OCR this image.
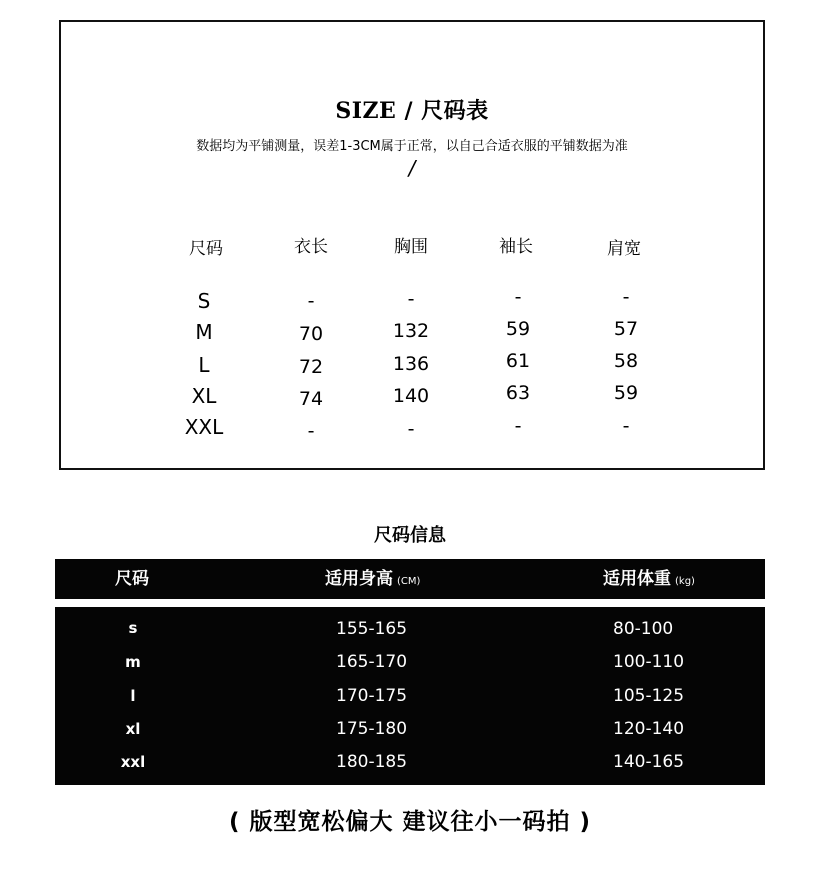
SIZE / 尺码表
数据均为平铺测量，误差1-3CM属于正常，以自己合适衣服的平铺数据为准
/
尺码	衣长	胸围	袖长	肩宽
S	-	-	-	-
M	70	132	59	57
L	72	136	61	58
XL	74	140	63	59
XXL	-	-	-	-
尺码信息
尺码	适用身高 (CM)	适用体重 (kg)
s	155-165	80-100
m	165-170	100-110
l	170-175	105-125
xl	175-180	120-140
xxl	180-185	140-165
( 版型宽松偏大 建议往小一码拍 )
